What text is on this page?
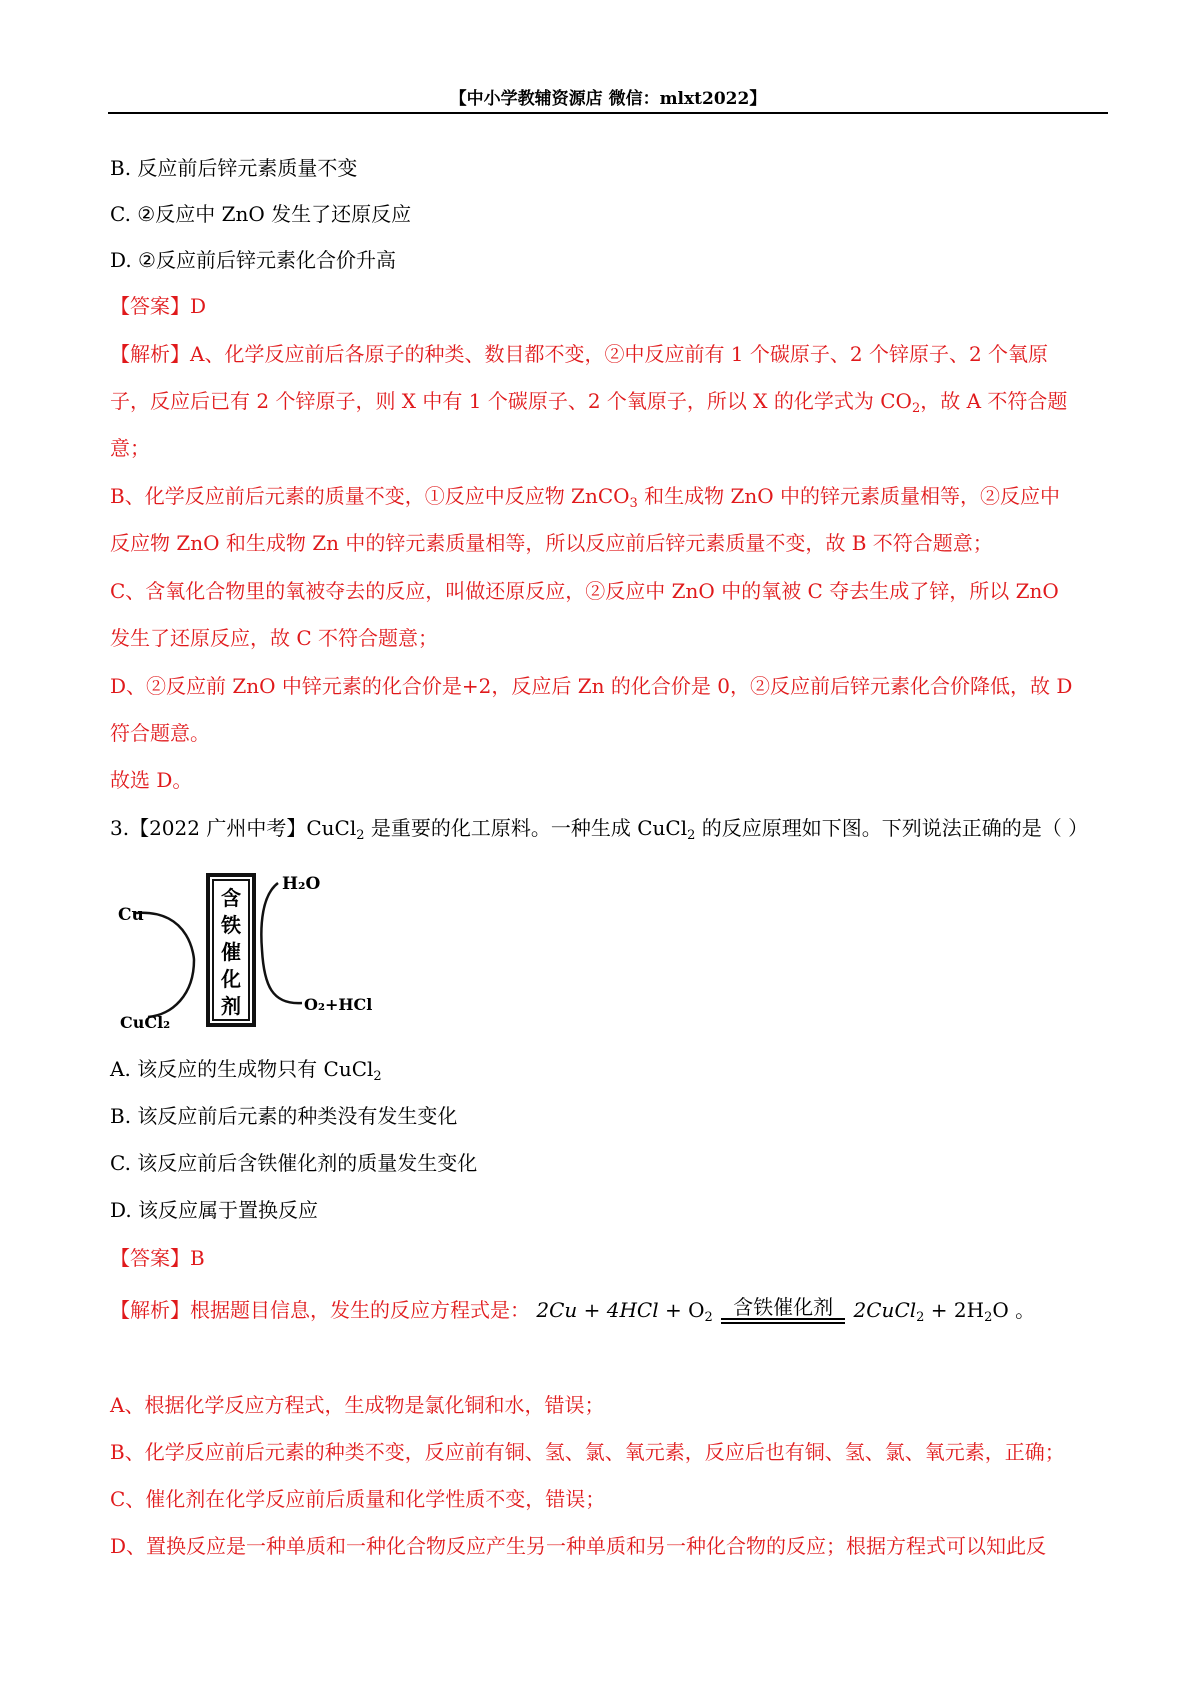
【中小学教辅资源店 微信：mlxt2022】
B. 反应前后锌元素质量不变
C. ②反应中 ZnO 发生了还原反应
D. ②反应前后锌元素化合价升高
【答案】D
【解析】A、化学反应前后各原子的种类、数目都不变，②中反应前有 1 个碳原子、2 个锌原子、2 个氧原
子，反应后已有 2 个锌原子，则 X 中有 1 个碳原子、2 个氧原子，所以 X 的化学式为 $CO_2$，故 A 不符合题
意；
B、化学反应前后元素的质量不变，①反应中反应物 ZnCO$_3$ 和生成物 ZnO 中的锌元素质量相等，②反应中
反应物 ZnO 和生成物 Zn 中的锌元素质量相等，所以反应前后锌元素质量不变，故 B 不符合题意；
C、含氧化合物里的氧被夺去的反应，叫做还原反应，②反应中 ZnO 中的氧被 C 夺去生成了锌，所以 ZnO
发生了还原反应，故 C 不符合题意；
D、②反应前 ZnO 中锌元素的化合价是+2，反应后 Zn 的化合价是 0，②反应前后锌元素化合价降低，故 D
符合题意。
故选 D。
3.【2022 广州中考】CuCl$_2$ 是重要的化工原料。一种生成 CuCl$_2$ 的反应原理如下图。下列说法正确的是（ ）
含
铁
催
化
剂
Cu
CuCl₂
H₂O
O₂+HCl
A. 该反应的生成物只有 CuCl$_2$
B. 该反应前后元素的种类没有发生变化
C. 该反应前后含铁催化剂的质量发生变化
D. 该反应属于置换反应
【答案】B
【解析】根据题目信息，发生的反应方程式是： $2Cu + 4HCl + O_2$	含铁催化剂	2CuCl$_2$ + $2H_2O$ 。
A、根据化学反应方程式，生成物是氯化铜和水，错误；
B、化学反应前后元素的种类不变，反应前有铜、氢、氯、氧元素，反应后也有铜、氢、氯、氧元素，正确；
C、催化剂在化学反应前后质量和化学性质不变，错误；
D、置换反应是一种单质和一种化合物反应产生另一种单质和另一种化合物的反应；根据方程式可以知此反
